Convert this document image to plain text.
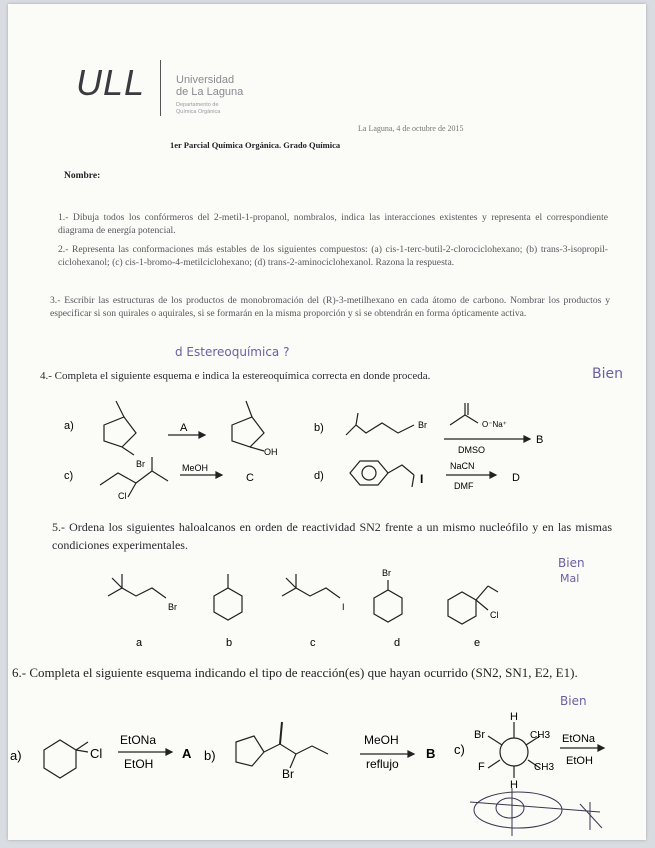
ULL	Universidad
de La Laguna
Departamento de
Química Orgánica
La Laguna, 4 de octubre de 2015
1er Parcial Química Orgánica. Grado Química
Nombre:
1.- Dibuja todos los confórmeros del 2-metil-1-propanol, nombralos, indica las interacciones existentes y representa el correspondiente diagrama de energía potencial.
2.- Representa las conformaciones más estables de los siguientes compuestos: (a) cis-1-terc-butil-2-clorociclohexano; (b) trans-3-isopropil-ciclohexanol; (c) cis-1-bromo-4-metilciclohexano; (d) trans-2-aminociclohexanol. Razona la respuesta.
3.- Escribir las estructuras de los productos de monobromación del (R)-3-metilhexano en cada átomo de carbono. Nombrar los productos y especificar si son quirales o aquirales, si se formarán en la misma proporción y si se obtendrán en forma ópticamente activa.
d Estereoquímica ?
4.- Completa el siguiente esquema e indica la estereoquímica correcta en donde proceda.	Bien
a)
Br
A
OH
b)	Br	O⁻Na⁺
DMSO
B
c)
Cl
MeOH
C	d)	I
NaCN
DMF
D
5.- Ordena los siguientes haloalcanos en orden de reactividad SN2 frente a un mismo nucleófilo y en las mismas condiciones experimentales.
Bien
Mal
Br	I
Br
Cl
a	b	c	d	e
6.- Completa el siguiente esquema indicando el tipo de reacción(es) que hayan ocurrido (SN2, SN1, E2, E1).
Bien
a)	Cl
EtONa
EtOH
A b)
Br
MeOH
reflujo
B c)
Br
H
CH3
F	CH3
H
EtONa
EtOH
